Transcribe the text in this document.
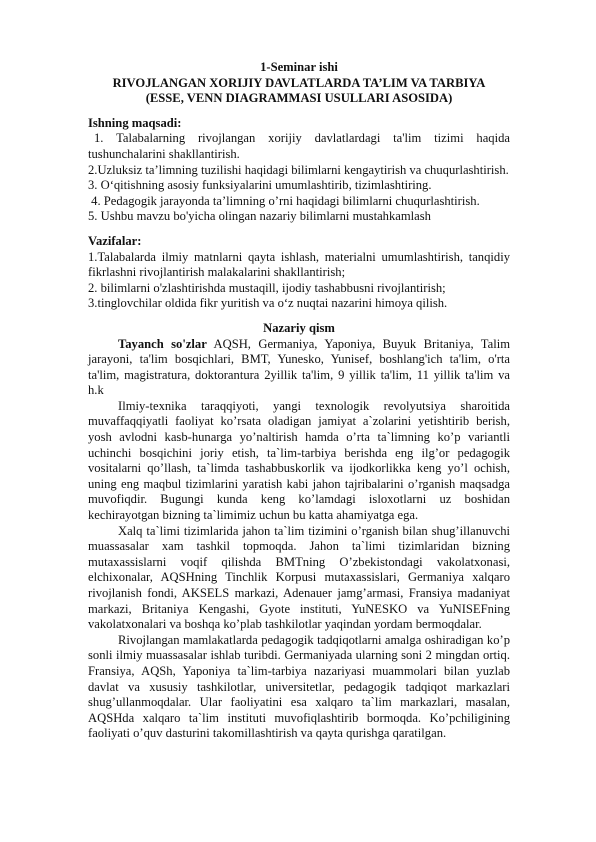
1-Seminar ishi

RIVOJLANGAN XORIJIY DAVLATLARDA TA’LIM VA TARBIYA

(ESSE, VENN DIAGRAMMASI USULLARI ASOSIDA)

Ishning maqsadi:

1. Talabalarning rivojlangan xorijiy davlatlardagi ta'lim tizimi haqida tushunchalarini shakllantirish.

2.Uzluksiz ta’limning tuzilishi haqidagi bilimlarni kengaytirish va chuqurlashtirish.

3. O‘qitishning asosiy funksiyalarini umumlashtirib, tizimlashtiring.

4. Pedagogik jarayonda ta’limning o’rni haqidagi bilimlarni chuqurlashtirish.

5. Ushbu mavzu bo'yicha olingan nazariy bilimlarni mustahkamlash

Vazifalar:

1.Talabalarda ilmiy matnlarni qayta ishlash, materialni umumlashtirish, tanqidiy fikrlashni rivojlantirish malakalarini shakllantirish;

2. bilimlarni o'zlashtirishda mustaqill, ijodiy tashabbusni rivojlantirish;

3.tinglovchilar oldida fikr yuritish va o‘z nuqtai nazarini himoya qilish.

Nazariy qism

Tayanch so'zlar AQSH, Germaniya, Yaponiya, Buyuk Britaniya, Talim jarayoni, ta'lim bosqichlari, BMT, Yunesko, Yunisef, boshlang'ich ta'lim, o'rta ta'lim, magistratura, doktorantura 2yillik ta'lim, 9 yillik ta'lim, 11 yillik ta'lim va h.k

Ilmiy-texnika taraqqiyoti, yangi texnologik revolyutsiya sharoitida muvaffaqqiyatli faoliyat ko’rsata oladigan jamiyat a`zolarini yetishtirib berish, yosh avlodni kasb-hunarga yo’naltirish hamda o’rta ta`limning ko’p variantli uchinchi bosqichini joriy etish, ta`lim-tarbiya berishda eng ilg’or pedagogik vositalarni qo’llash, ta`limda tashabbuskorlik va ijodkorlikka keng yo’l ochish, uning eng maqbul tizimlarini yaratish kabi jahon tajribalarini o’rganish maqsadga muvofiqdir. Bugungi kunda keng ko’lamdagi isloxotlarni uz boshidan kechirayotgan bizning ta`limimiz uchun bu katta ahamiyatga ega.

Xalq ta`limi tizimlarida jahon ta`lim tizimini o’rganish bilan shug’illanuvchi muassasalar xam tashkil topmoqda. Jahon ta`limi tizimlaridan bizning mutaxassislarni voqif qilishda BMTning O’zbekistondagi vakolatxonasi, elchixonalar, AQSHning Tinchlik Korpusi mutaxassislari, Germaniya xalqaro rivojlanish fondi, AKSELS markazi, Adenauer jamg’armasi, Fransiya madaniyat markazi, Britaniya Kengashi, Gyote instituti, YuNESKO va YuNISEFning vakolatxonalari va boshqa ko’plab tashkilotlar yaqindan yordam bermoqdalar.

Rivojlangan mamlakatlarda pedagogik tadqiqotlarni amalga oshiradigan ko’p sonli ilmiy muassasalar ishlab turibdi. Germaniyada ularning soni 2 mingdan ortiq. Fransiya, AQSh, Yaponiya ta`lim-tarbiya nazariyasi muammolari bilan yuzlab davlat va xususiy tashkilotlar, universitetlar, pedagogik tadqiqot markazlari shug’ullanmoqdalar. Ular faoliyatini esa xalqaro ta`lim markazlari, masalan, AQSHda xalqaro ta`lim instituti muvofiqlashtirib bormoqda. Ko’pchiligining faoliyati o’quv dasturini takomillashtirish va qayta qurishga qaratilgan.
